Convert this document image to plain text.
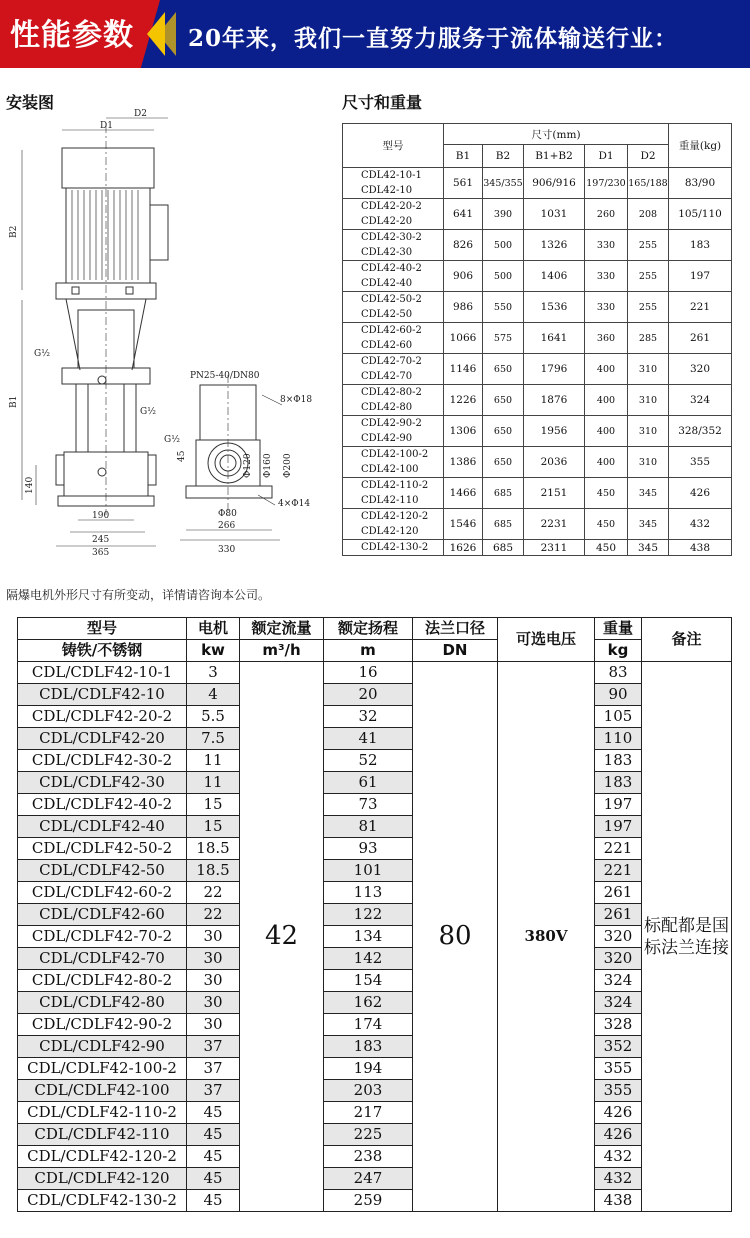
性能参数 20年来，我们一直努力服务于流体输送行业：
安装图	尺寸和重量
D1
D2
B2
B1
140
G½
G½
G½
190
245
365
PN25-40/DN80
8×Φ18
4×Φ14
Φ120 Φ160 Φ200
45
Φ80
266
330
型号	尺寸(mm)					重量(kg)
	B1	B2	B1+B2	D1	D2	

CDL42-10-1
CDL42-10	561	345/355	906/916	197/230	165/188	83/90

CDL42-20-2
CDL42-20	641	390	1031	260	208	105/110

CDL42-30-2
CDL42-30	826	500	1326	330	255	183

CDL42-40-2
CDL42-40	906	500	1406	330	255	197

CDL42-50-2
CDL42-50	986	550	1536	330	255	221

CDL42-60-2
CDL42-60	1066	575	1641	360	285	261

CDL42-70-2
CDL42-70	1146	650	1796	400	310	320

CDL42-80-2
CDL42-80	1226	650	1876	400	310	324

CDL42-90-2
CDL42-90	1306	650	1956	400	310	328/352

CDL42-100-2
CDL42-100	1386	650	2036	400	310	355

CDL42-110-2
CDL42-110	1466	685	2151	450	345	426

CDL42-120-2
CDL42-120	1546	685	2231	450	345	432
CDL42-130-2	1626	685	2311	450	345	438
隔爆电机外形尺寸有所变动，详情请咨询本公司。
型号	电机	额定流量	额定扬程	法兰口径	可选电压	重量	备注
铸铁/不锈钢	kw	m³/h	m	DN		kg	
CDL/CDLF42-10-1	3	42	16	80	380V	83	标配都是国标法兰连接
CDL/CDLF42-10	4		20			90	
CDL/CDLF42-20-2	5.5		32			105	
CDL/CDLF42-20	7.5		41			110	
CDL/CDLF42-30-2	11		52			183	
CDL/CDLF42-30	11		61			183	
CDL/CDLF42-40-2	15		73			197	
CDL/CDLF42-40	15		81			197	
CDL/CDLF42-50-2	18.5		93			221	
CDL/CDLF42-50	18.5		101			221	
CDL/CDLF42-60-2	22		113			261	
CDL/CDLF42-60	22		122			261	
CDL/CDLF42-70-2	30		134			320	
CDL/CDLF42-70	30		142			320	
CDL/CDLF42-80-2	30		154			324	
CDL/CDLF42-80	30		162			324	
CDL/CDLF42-90-2	30		174			328	
CDL/CDLF42-90	37		183			352	
CDL/CDLF42-100-2	37		194			355	
CDL/CDLF42-100	37		203			355	
CDL/CDLF42-110-2	45		217			426	
CDL/CDLF42-110	45		225			426	
CDL/CDLF42-120-2	45		238			432	
CDL/CDLF42-120	45		247			432	
CDL/CDLF42-130-2	45		259			438	
